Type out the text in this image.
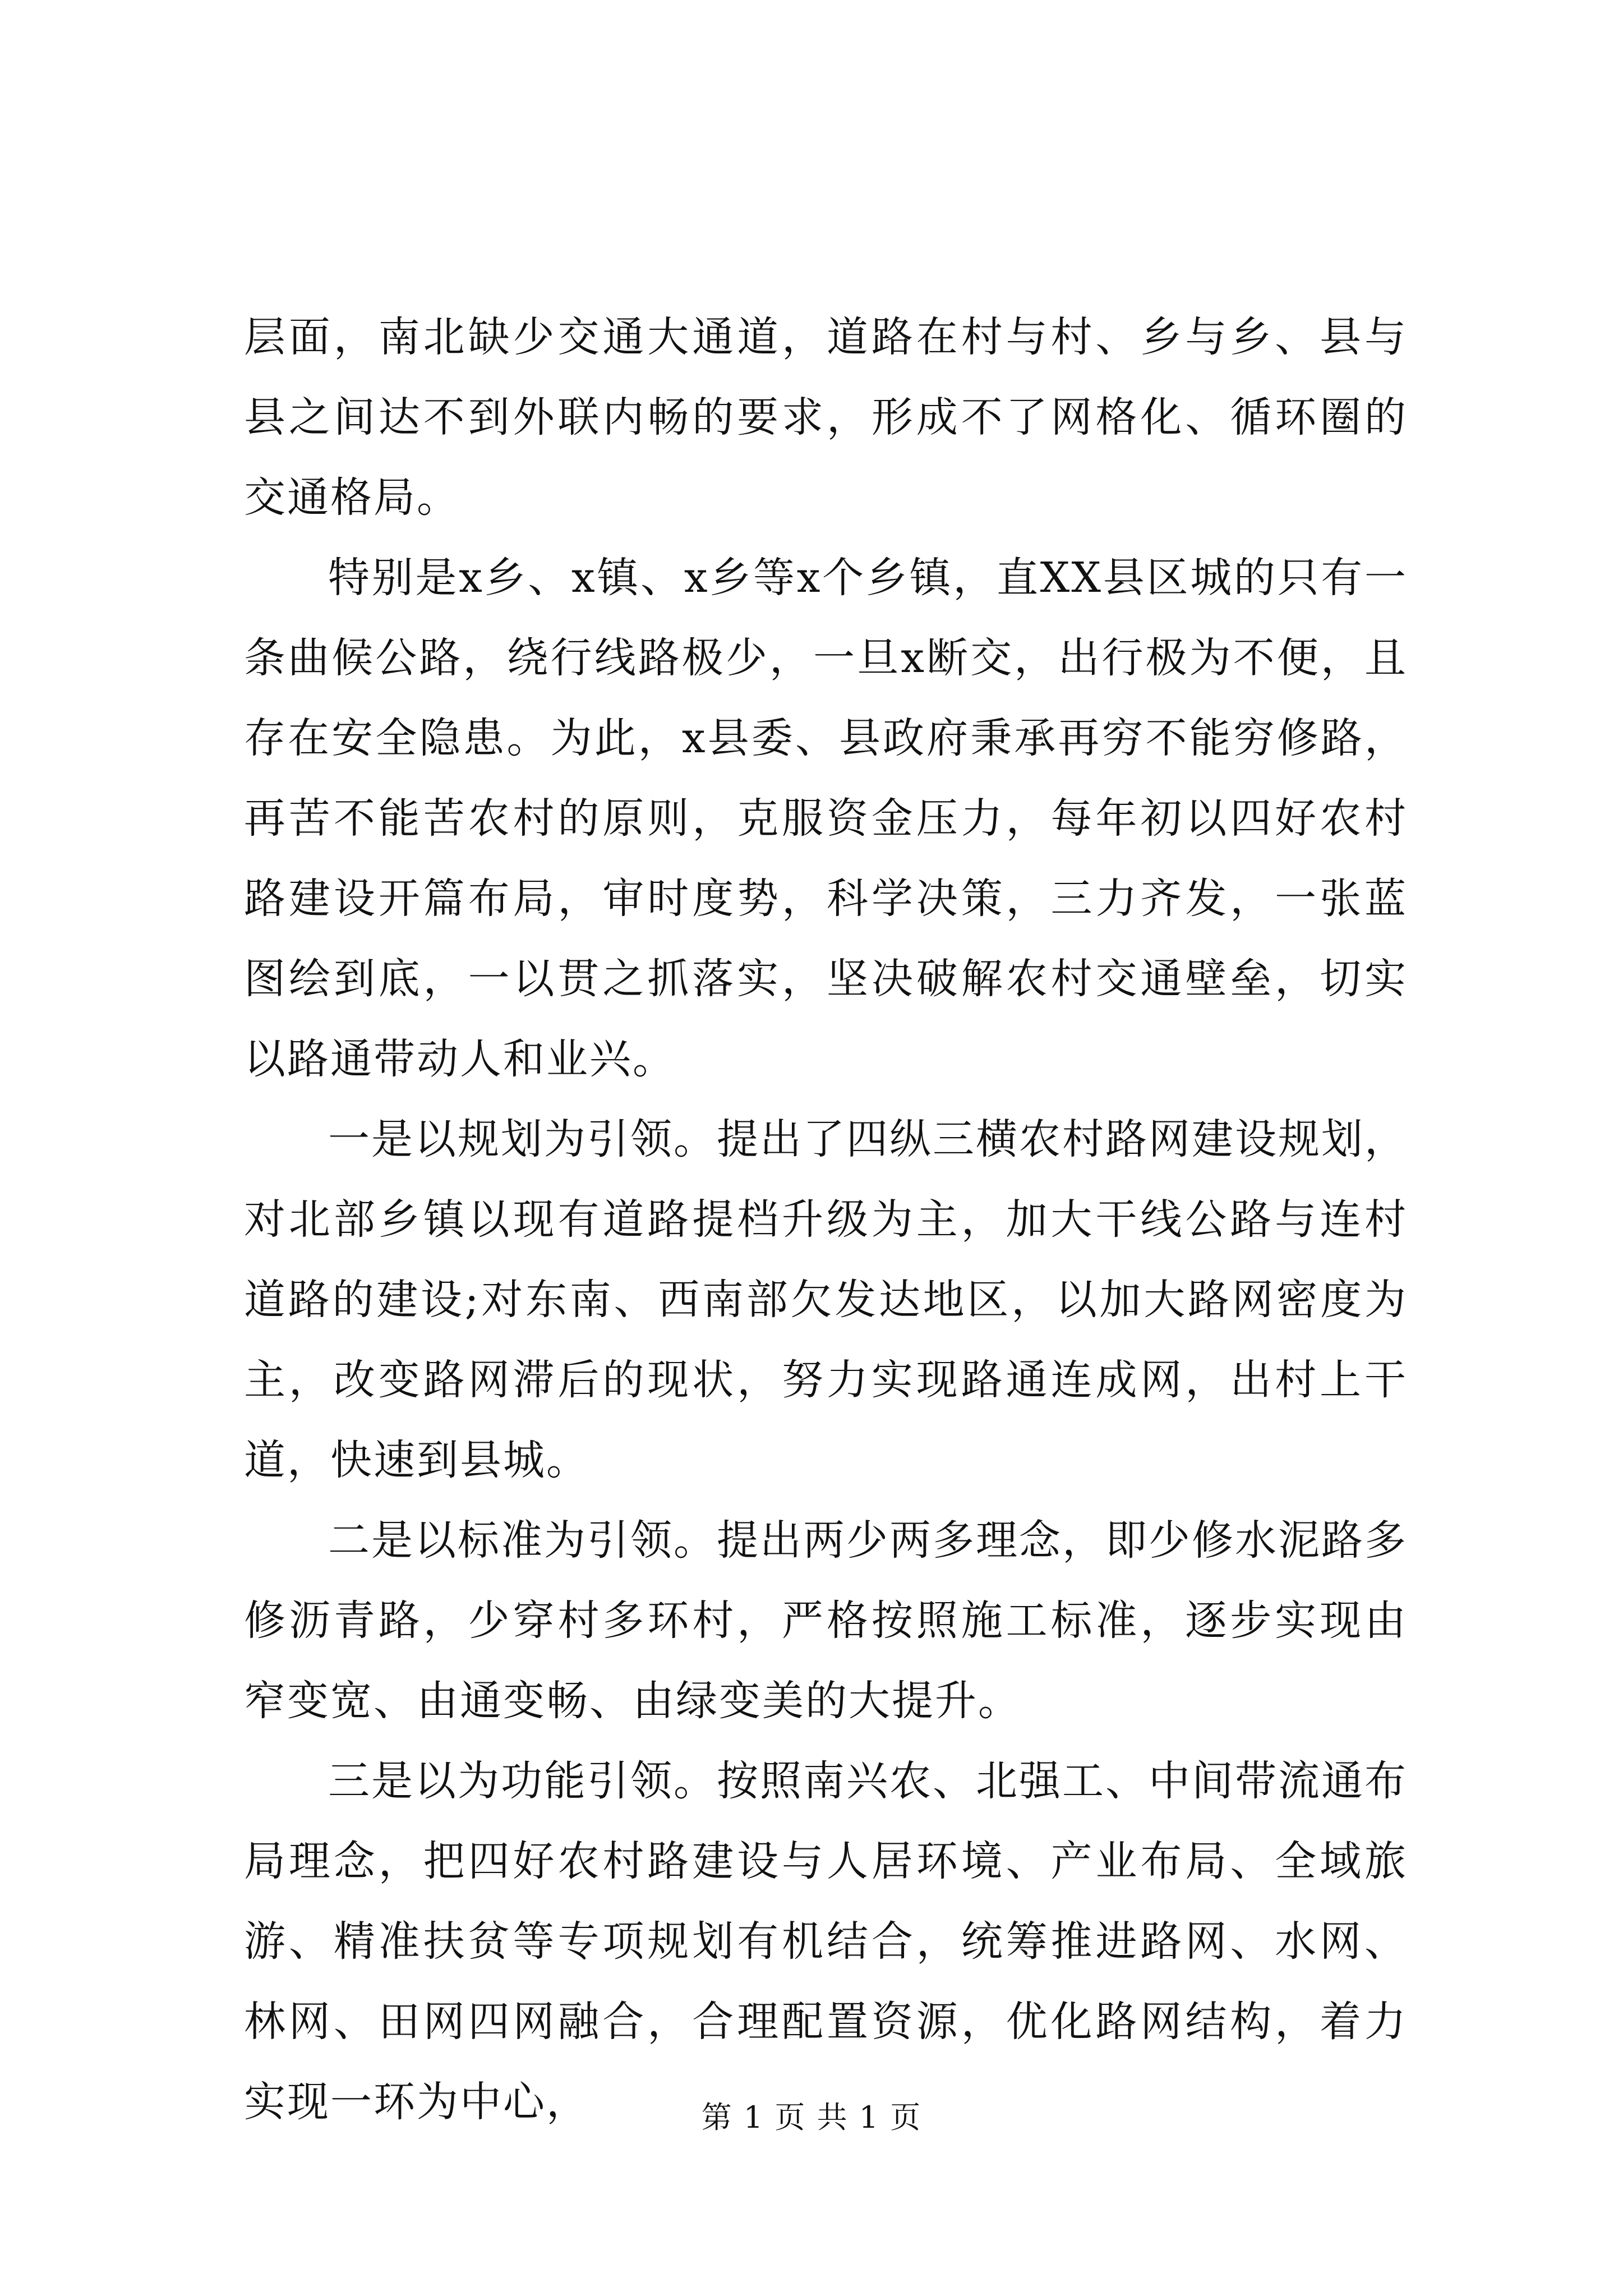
层面，南北缺少交通大通道，道路在村与村、乡与乡、县与县之间达不到外联内畅的要求，形成不了网格化、循环圈的交通格局。

特别是x乡、x镇、x乡等x个乡镇，直XX县区城的只有一条曲候公路，绕行线路极少，一旦x断交，出行极为不便，且存在安全隐患。为此，x县委、县政府秉承再穷不能穷修路，再苦不能苦农村的原则，克服资金压力，每年初以四好农村路建设开篇布局，审时度势，科学决策，三力齐发，一张蓝图绘到底，一以贯之抓落实，坚决破解农村交通壁垒，切实以路通带动人和业兴。

一是以规划为引领。提出了四纵三横农村路网建设规划，对北部乡镇以现有道路提档升级为主，加大干线公路与连村道路的建设;对东南、西南部欠发达地区，以加大路网密度为主，改变路网滞后的现状，努力实现路通连成网，出村上干道，快速到县城。

二是以标准为引领。提出两少两多理念，即少修水泥路多修沥青路，少穿村多环村，严格按照施工标准，逐步实现由窄变宽、由通变畅、由绿变美的大提升。

三是以为功能引领。按照南兴农、北强工、中间带流通布局理念，把四好农村路建设与人居环境、产业布局、全域旅游、精准扶贫等专项规划有机结合，统筹推进路网、水网、林网、田网四网融合，合理配置资源，优化路网结构，着力实现一环为中心，	第 1 页 共 1 页
